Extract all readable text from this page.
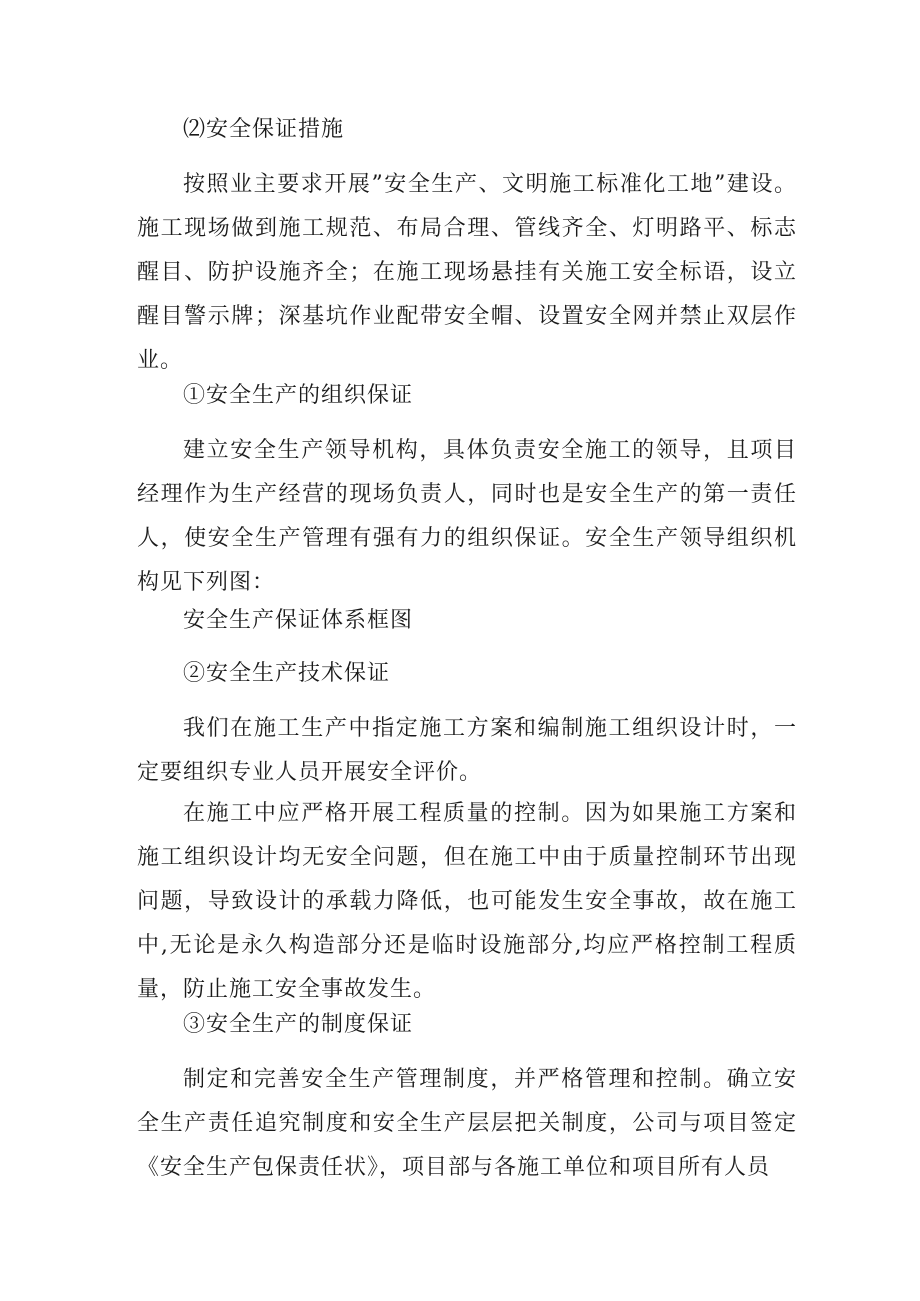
⑵安全保证措施

按照业主要求开展”安全生产、文明施工标准化工地”建设。施工现场做到施工规范、布局合理、管线齐全、灯明路平、标志醒目、防护设施齐全；在施工现场悬挂有关施工安全标语，设立醒目警示牌；深基坑作业配带安全帽、设置安全网并禁止双层作业。

①安全生产的组织保证

建立安全生产领导机构，具体负责安全施工的领导，且项目经理作为生产经营的现场负责人，同时也是安全生产的第一责任人，使安全生产管理有强有力的组织保证。安全生产领导组织机构见下列图：

安全生产保证体系框图

②安全生产技术保证

我们在施工生产中指定施工方案和编制施工组织设计时，一定要组织专业人员开展安全评价。

在施工中应严格开展工程质量的控制。因为如果施工方案和施工组织设计均无安全问题，但在施工中由于质量控制环节出现问题，导致设计的承载力降低，也可能发生安全事故，故在施工中,无论是永久构造部分还是临时设施部分,均应严格控制工程质量，防止施工安全事故发生。

③安全生产的制度保证

制定和完善安全生产管理制度，并严格管理和控制。确立安全生产责任追究制度和安全生产层层把关制度，公司与项目签定《安全生产包保责任状》，项目部与各施工单位和项目所有人员
